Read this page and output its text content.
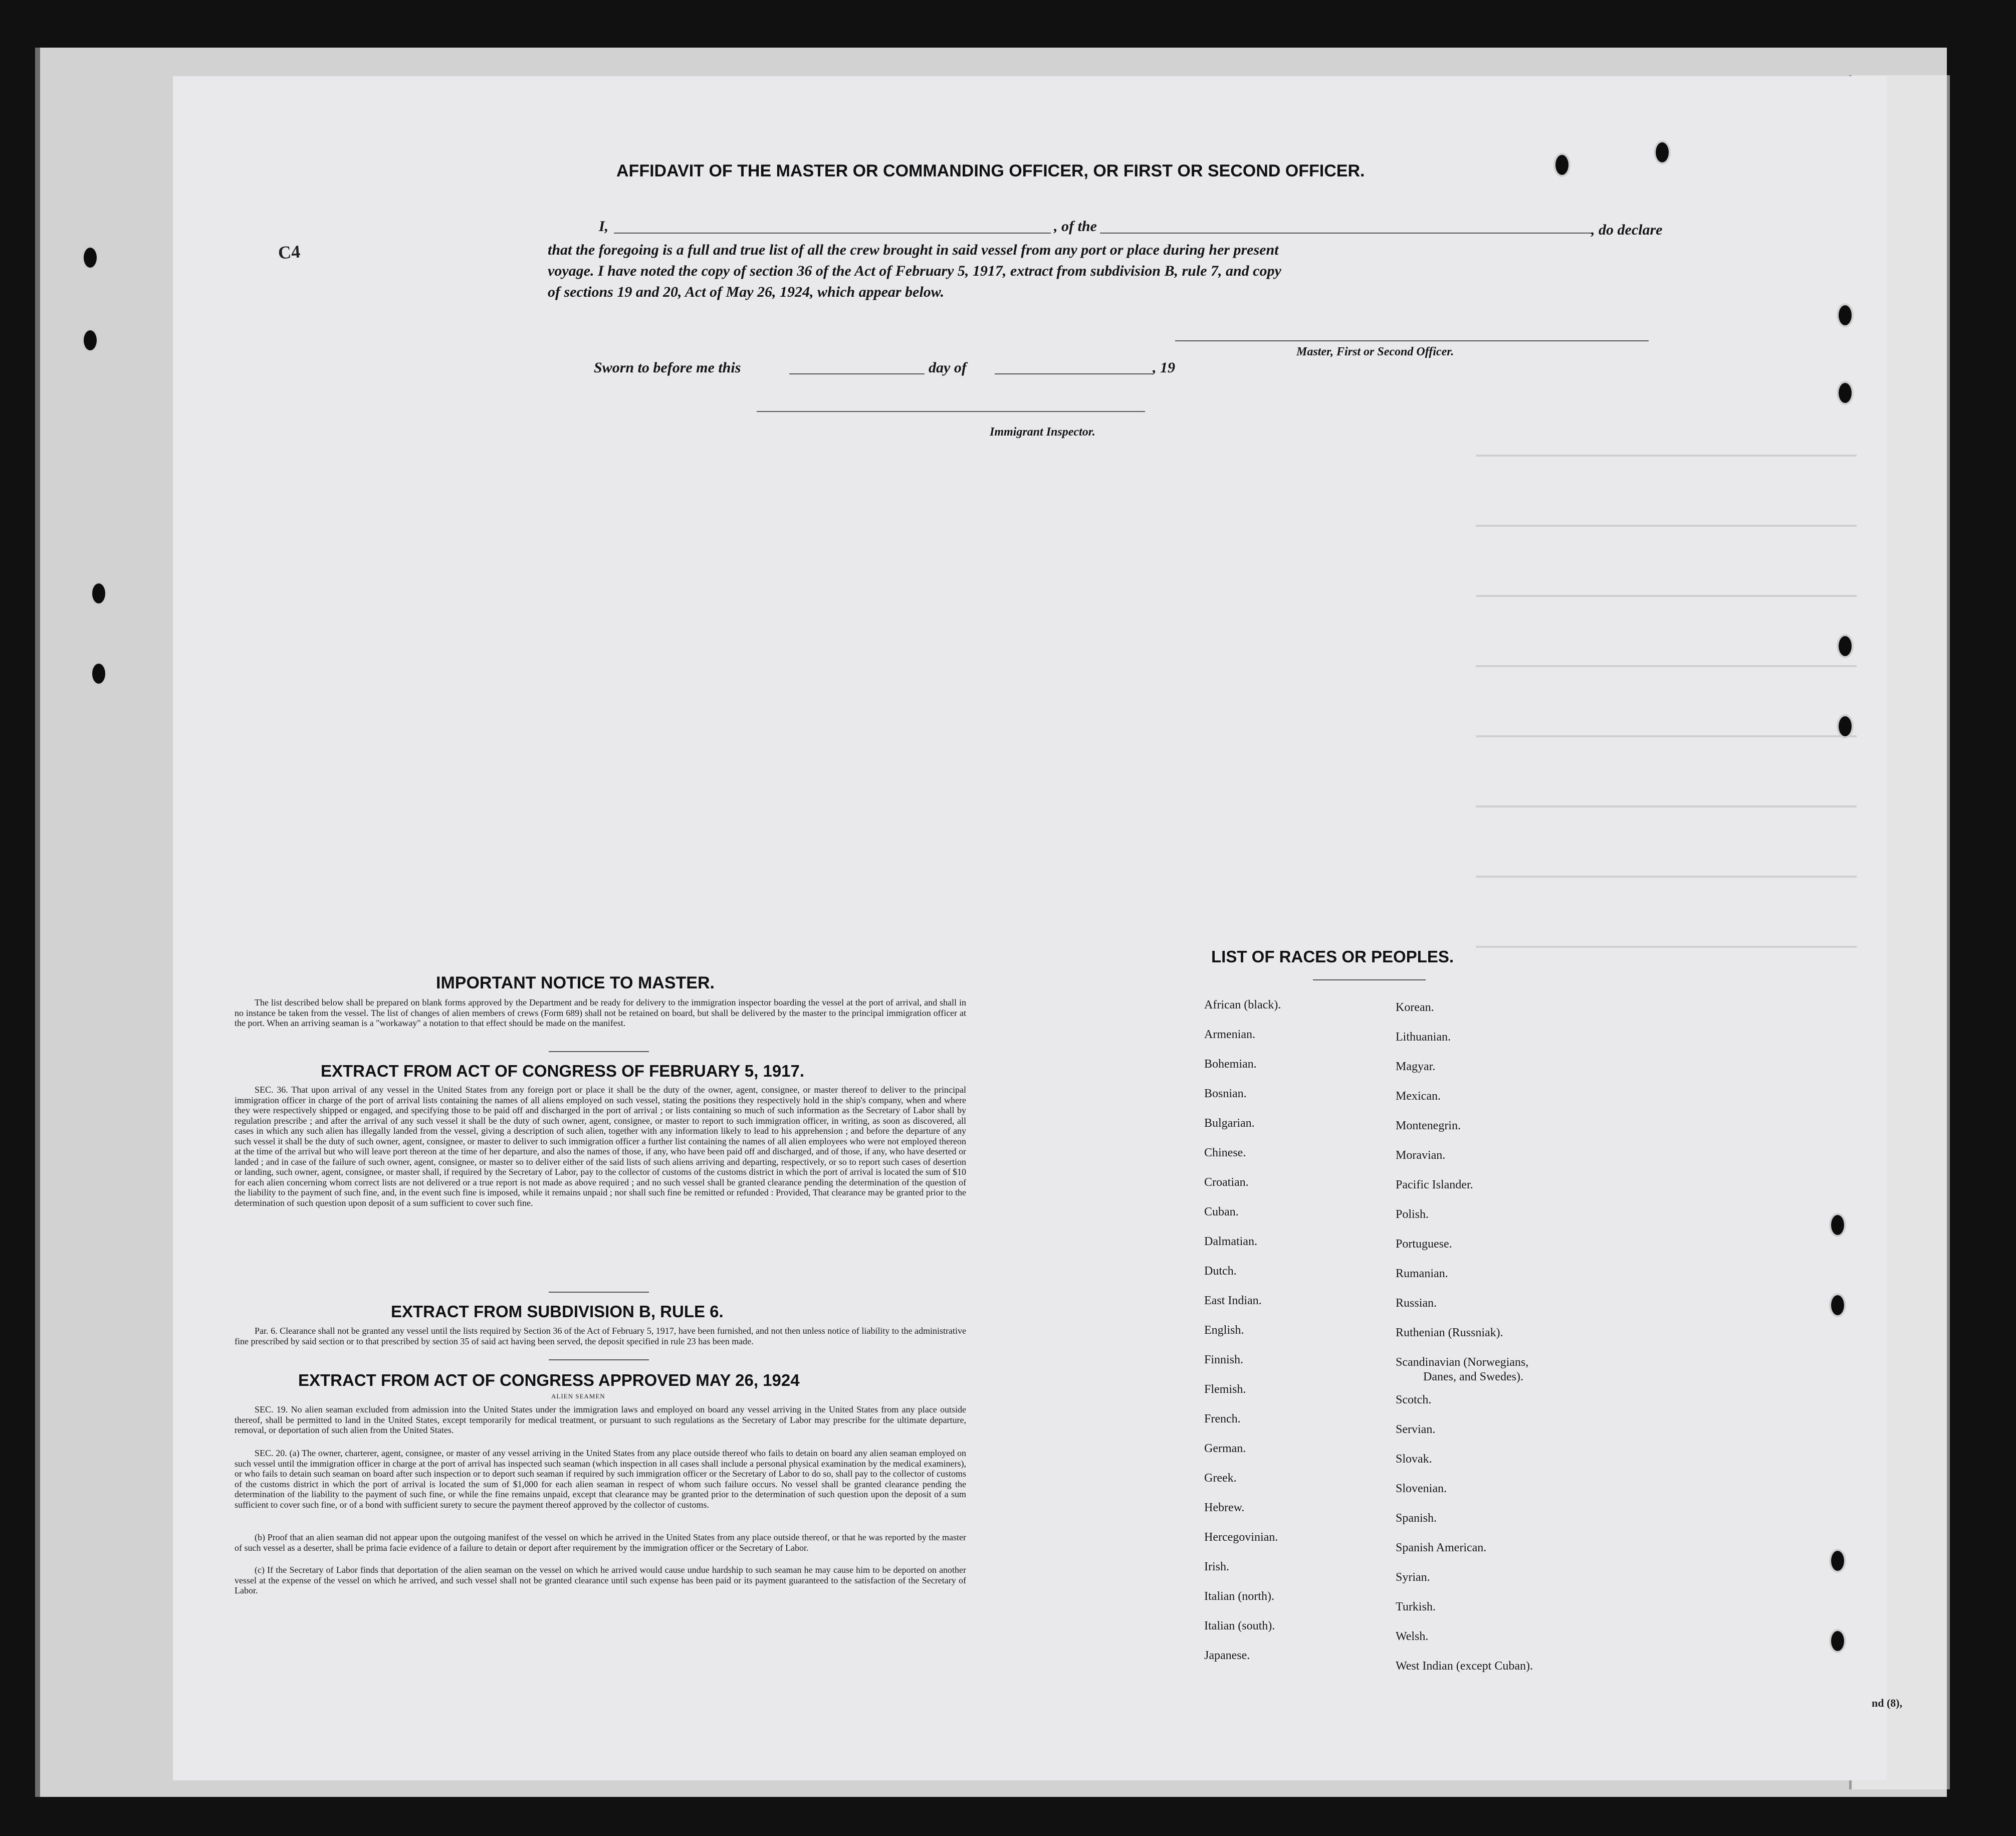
AFFIDAVIT OF THE MASTER OR COMMANDING OFFICER, OR FIRST OR SECOND OFFICER.
I,	, of the	, do declare
C4	that the foregoing is a full and true list of all the crew brought in said vessel from any port or place during her present
voyage. I have noted the copy of section 36 of the Act of February 5, 1917, extract from subdivision B, rule 7, and copy
of sections 19 and 20, Act of May 26, 1924, which appear below.
Master, First or Second Officer.
Sworn to before me this	day of	, 19
Immigrant Inspector.
IMPORTANT NOTICE TO MASTER.
The list described below shall be prepared on blank forms approved by the Department and be ready for delivery to the immigration inspector boarding the vessel at the port of arrival, and shall in no instance be taken from the vessel. The list of changes of alien members of crews (Form 689) shall not be retained on board, but shall be delivered by the master to the principal immigration officer at the port. When an arriving seaman is a "workaway" a notation to that effect should be made on the manifest.
EXTRACT FROM ACT OF CONGRESS OF FEBRUARY 5, 1917.
SEC. 36. That upon arrival of any vessel in the United States from any foreign port or place it shall be the duty of the owner, agent, consignee, or master thereof to deliver to the principal immigration officer in charge of the port of arrival lists containing the names of all aliens employed on such vessel, stating the positions they respectively hold in the ship's company, when and where they were respectively shipped or engaged, and specifying those to be paid off and discharged in the port of arrival ; or lists containing so much of such information as the Secretary of Labor shall by regulation prescribe ; and after the arrival of any such vessel it shall be the duty of such owner, agent, consignee, or master to report to such immigration officer, in writing, as soon as discovered, all cases in which any such alien has illegally landed from the vessel, giving a description of such alien, together with any information likely to lead to his apprehension ; and before the departure of any such vessel it shall be the duty of such owner, agent, consignee, or master to deliver to such immigration officer a further list containing the names of all alien employees who were not employed thereon at the time of the arrival but who will leave port thereon at the time of her departure, and also the names of those, if any, who have been paid off and discharged, and of those, if any, who have deserted or landed ; and in case of the failure of such owner, agent, consignee, or master so to deliver either of the said lists of such aliens arriving and departing, respectively, or so to report such cases of desertion or landing, such owner, agent, consignee, or master shall, if required by the Secretary of Labor, pay to the collector of customs of the customs district in which the port of arrival is located the sum of $10 for each alien concerning whom correct lists are not delivered or a true report is not made as above required ; and no such vessel shall be granted clearance pending the determination of the question of the liability to the payment of such fine, and, in the event such fine is imposed, while it remains unpaid ; nor shall such fine be remitted or refunded : Provided, That clearance may be granted prior to the determination of such question upon deposit of a sum sufficient to cover such fine.
EXTRACT FROM SUBDIVISION B, RULE 6.
Par. 6. Clearance shall not be granted any vessel until the lists required by Section 36 of the Act of February 5, 1917, have been furnished, and not then unless notice of liability to the administrative fine prescribed by said section or to that prescribed by section 35 of said act having been served, the deposit specified in rule 23 has been made.
EXTRACT FROM ACT OF CONGRESS APPROVED MAY 26, 1924
ALIEN SEAMEN
SEC. 19. No alien seaman excluded from admission into the United States under the immigration laws and employed on board any vessel arriving in the United States from any place outside thereof, shall be permitted to land in the United States, except temporarily for medical treatment, or pursuant to such regulations as the Secretary of Labor may prescribe for the ultimate departure, removal, or deportation of such alien from the United States.
SEC. 20. (a) The owner, charterer, agent, consignee, or master of any vessel arriving in the United States from any place outside thereof who fails to detain on board any alien seaman employed on such vessel until the immigration officer in charge at the port of arrival has inspected such seaman (which inspection in all cases shall include a personal physical examination by the medical examiners), or who fails to detain such seaman on board after such inspection or to deport such seaman if required by such immigration officer or the Secretary of Labor to do so, shall pay to the collector of customs of the customs district in which the port of arrival is located the sum of $1,000 for each alien seaman in respect of whom such failure occurs. No vessel shall be granted clearance pending the determination of the liability to the payment of such fine, or while the fine remains unpaid, except that clearance may be granted prior to the determination of such question upon the deposit of a sum sufficient to cover such fine, or of a bond with sufficient surety to secure the payment thereof approved by the collector of customs.
(b) Proof that an alien seaman did not appear upon the outgoing manifest of the vessel on which he arrived in the United States from any place outside thereof, or that he was reported by the master of such vessel as a deserter, shall be prima facie evidence of a failure to detain or deport after requirement by the immigration officer or the Secretary of Labor.
(c) If the Secretary of Labor finds that deportation of the alien seaman on the vessel on which he arrived would cause undue hardship to such seaman he may cause him to be deported on another vessel at the expense of the vessel on which he arrived, and such vessel shall not be granted clearance until such expense has been paid or its payment guaranteed to the satisfaction of the Secretary of Labor.
LIST OF RACES OR PEOPLES.
African (black).
Armenian.
Bohemian.
Bosnian.
Bulgarian.
Chinese.
Croatian.
Cuban.
Dalmatian.
Dutch.
East Indian.
English.
Finnish.
Flemish.
French.
German.
Greek.
Hebrew.
Hercegovinian.
Irish.
Italian (north).
Italian (south).
Japanese.
Korean.
Lithuanian.
Magyar.
Mexican.
Montenegrin.
Moravian.
Pacific Islander.
Polish.
Portuguese.
Rumanian.
Russian.
Ruthenian (Russniak).
Scandinavian (Norwegians,
Danes, and Swedes).
Scotch.
Servian.
Slovak.
Slovenian.
Spanish.
Spanish American.
Syrian.
Turkish.
Welsh.
West Indian (except Cuban).
nd (8),
